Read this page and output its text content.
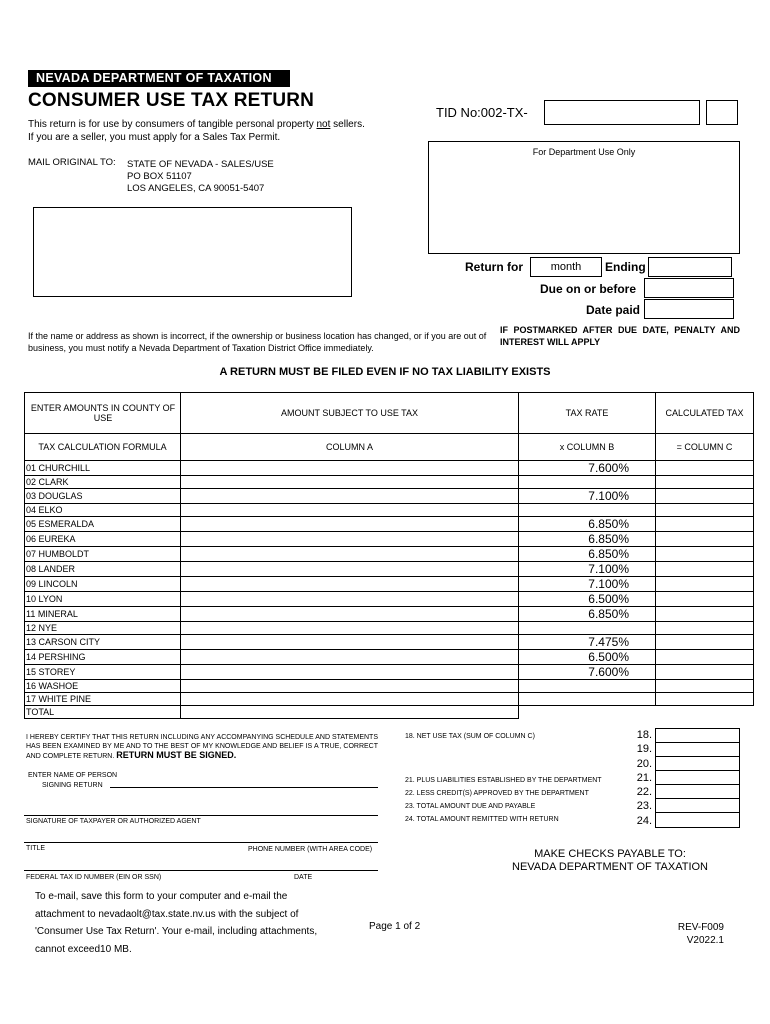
NEVADA DEPARTMENT OF TAXATION
CONSUMER USE TAX RETURN
This return is for use by consumers of tangible personal property not sellers.
If you are a seller, you must apply for a Sales Tax Permit.
TID No:002-TX-
MAIL ORIGINAL TO: STATE OF NEVADA - SALES/USE
PO BOX 51107
LOS ANGELES, CA 90051-5407
For Department Use Only
Return for	month	Ending
Due on or before
Date paid
If the name or address as shown is incorrect, if the ownership or business location has changed, or if you are out of business, you must notify a Nevada Department of Taxation District Office immediately.
IF POSTMARKED AFTER DUE DATE, PENALTY AND INTEREST WILL APPLY
A RETURN MUST BE FILED EVEN IF NO TAX LIABILITY EXISTS
ENTER AMOUNTS IN COUNTY OF USE	AMOUNT SUBJECT TO USE TAX	TAX RATE	CALCULATED TAX
TAX CALCULATION FORMULA	COLUMN A	x COLUMN B	= COLUMN C
01 CHURCHILL		7.600%	
02 CLARK			
03 DOUGLAS		7.100%	
04 ELKO			
05 ESMERALDA		6.850%	
06 EUREKA		6.850%	
07 HUMBOLDT		6.850%	
08 LANDER		7.100%	
09 LINCOLN		7.100%	
10 LYON		6.500%	
11 MINERAL		6.850%	
12 NYE			
13 CARSON CITY		7.475%	
14 PERSHING		6.500%	
15 STOREY		7.600%	
16 WASHOE			
17 WHITE PINE			
TOTAL			
I HEREBY CERTIFY THAT THIS RETURN INCLUDING ANY ACCOMPANYING SCHEDULE AND STATEMENTS HAS BEEN EXAMINED BY ME AND TO THE BEST OF MY KNOWLEDGE AND BELIEF IS A TRUE, CORRECT AND COMPLETE RETURN. RETURN MUST BE SIGNED.
ENTER NAME OF PERSON
SIGNING RETURN
SIGNATURE OF TAXPAYER OR AUTHORIZED AGENT
TITLE	PHONE NUMBER (WITH AREA CODE)
FEDERAL TAX ID NUMBER (EIN OR SSN)	DATE
18. NET USE TAX (SUM OF COLUMN C)
21. PLUS LIABILITIES ESTABLISHED BY THE DEPARTMENT
22. LESS CREDIT(S) APPROVED BY THE DEPARTMENT
23. TOTAL AMOUNT DUE AND PAYABLE
24. TOTAL AMOUNT REMITTED WITH RETURN
18.
19.
20.
21.
22.
23.
24.
MAKE CHECKS PAYABLE TO:
NEVADA DEPARTMENT OF TAXATION
To e-mail, save this form to your computer and e-mail the
attachment to nevadaolt@tax.state.nv.us with the subject of
'Consumer Use Tax Return'. Your e-mail, including attachments,
cannot exceed10 MB.
Page 1 of 2	REV-F009
V2022.1
